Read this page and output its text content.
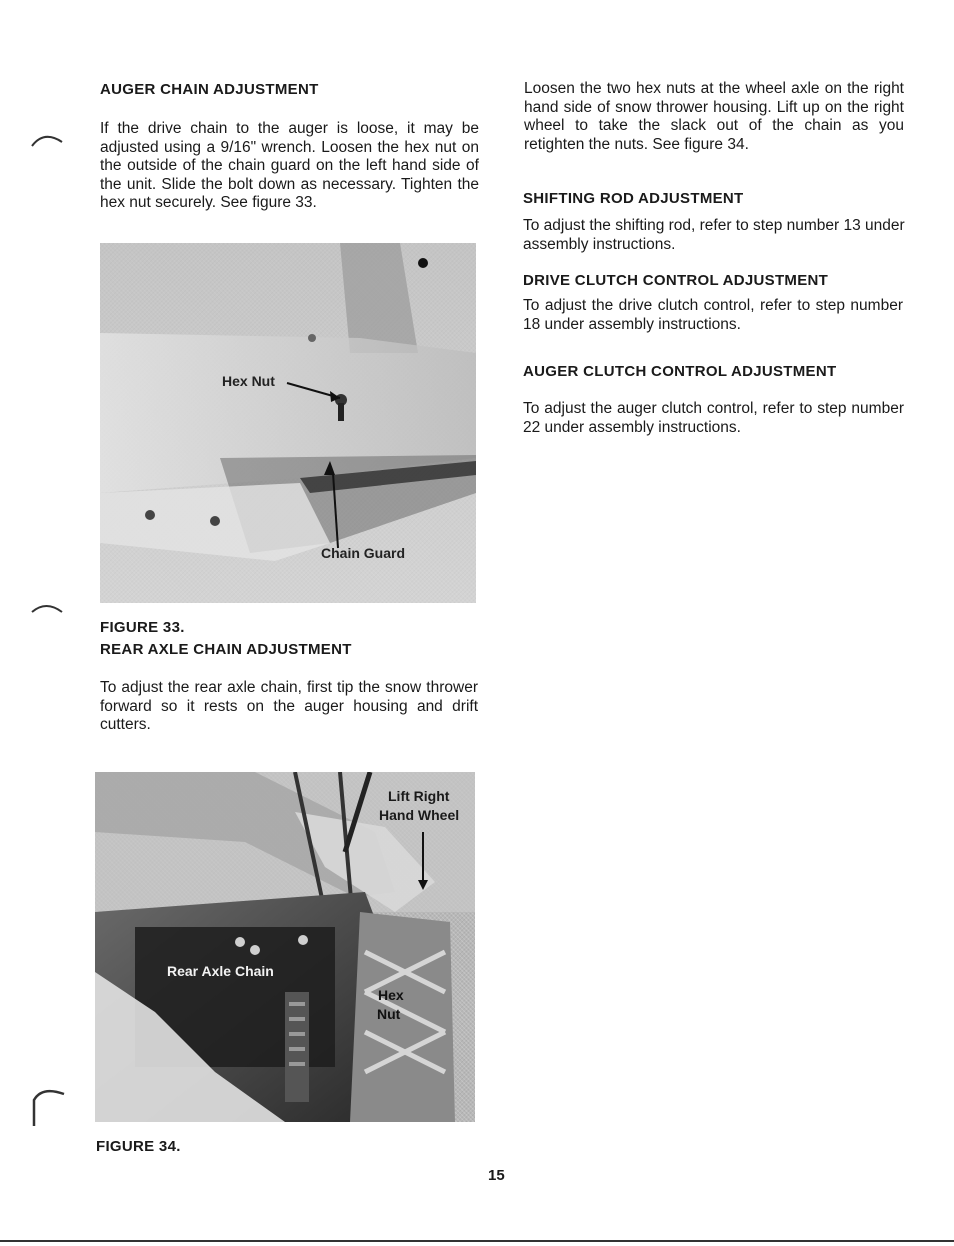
AUGER CHAIN ADJUSTMENT

If the drive chain to the auger is loose, it may be adjusted using a 9/16" wrench. Loosen the hex nut on the outside of the chain guard on the left hand side of the unit. Slide the bolt down as necessary. Tighten the hex nut securely. See figure 33.

Hex Nut
Chain Guard
FIGURE 33.
REAR AXLE CHAIN ADJUSTMENT

To adjust the rear axle chain, first tip the snow thrower forward so it rests on the auger housing and drift cutters.

Lift Right
Hand Wheel
Rear Axle Chain
Hex
Nut
FIGURE 34.

Loosen the two hex nuts at the wheel axle on the right hand side of snow thrower housing. Lift up on the right wheel to take the slack out of the chain as you retighten the nuts. See figure 34.

SHIFTING ROD ADJUSTMENT

To adjust the shifting rod, refer to step number 13 under assembly instructions.

DRIVE CLUTCH CONTROL ADJUSTMENT

To adjust the drive clutch control, refer to step number 18 under assembly instructions.

AUGER CLUTCH CONTROL ADJUSTMENT

To adjust the auger clutch control, refer to step number 22 under assembly instructions.

15
